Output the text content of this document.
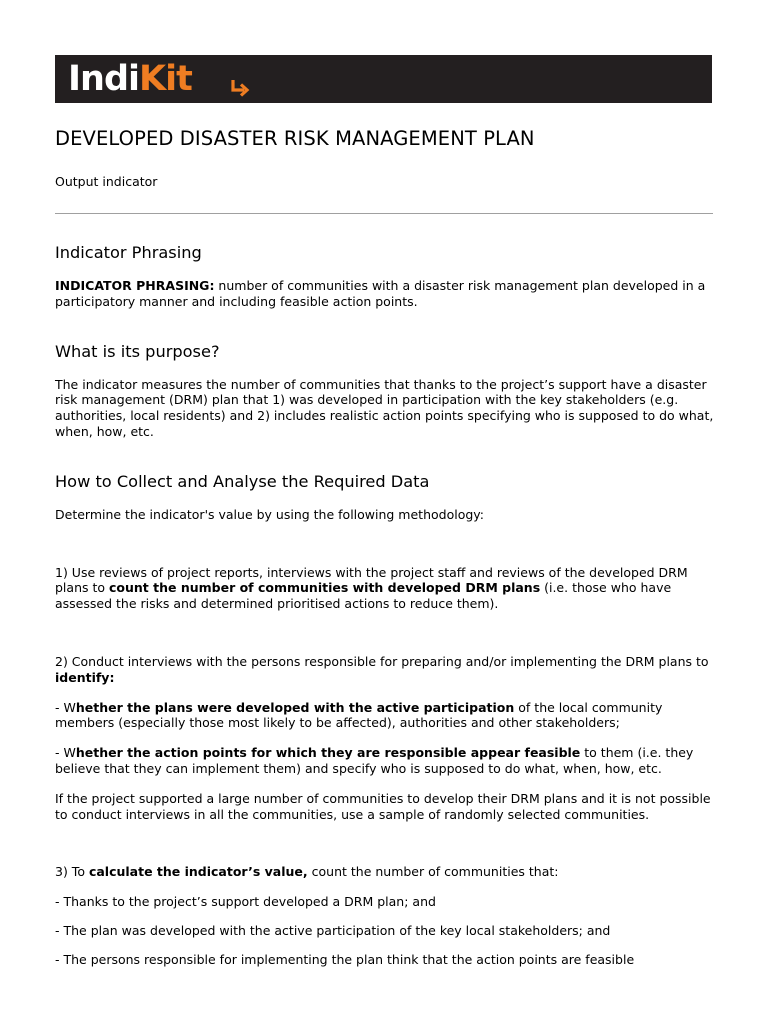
IndiKit
DEVELOPED DISASTER RISK MANAGEMENT PLAN

Output indicator

Indicator Phrasing

INDICATOR PHRASING: number of communities with a disaster risk management plan developed in a participatory manner and including feasible action points.

What is its purpose?

The indicator measures the number of communities that thanks to the project’s support have a disaster risk management (DRM) plan that 1) was developed in participation with the key stakeholders (e.g. authorities, local residents) and 2) includes realistic action points specifying who is supposed to do what, when, how, etc.

How to Collect and Analyse the Required Data

Determine the indicator's value by using the following methodology:

1) Use reviews of project reports, interviews with the project staff and reviews of the developed DRM plans to count the number of communities with developed DRM plans (i.e. those who have assessed the risks and determined prioritised actions to reduce them).

2) Conduct interviews with the persons responsible for preparing and/or implementing the DRM plans to identify:

- Whether the plans were developed with the active participation of the local community members (especially those most likely to be affected), authorities and other stakeholders;

- Whether the action points for which they are responsible appear feasible to them (i.e. they believe that they can implement them) and specify who is supposed to do what, when, how, etc.

If the project supported a large number of communities to develop their DRM plans and it is not possible to conduct interviews in all the communities, use a sample of randomly selected communities.

3) To calculate the indicator’s value, count the number of communities that:

- Thanks to the project’s support developed a DRM plan; and

- The plan was developed with the active participation of the key local stakeholders; and

- The persons responsible for implementing the plan think that the action points are feasible
